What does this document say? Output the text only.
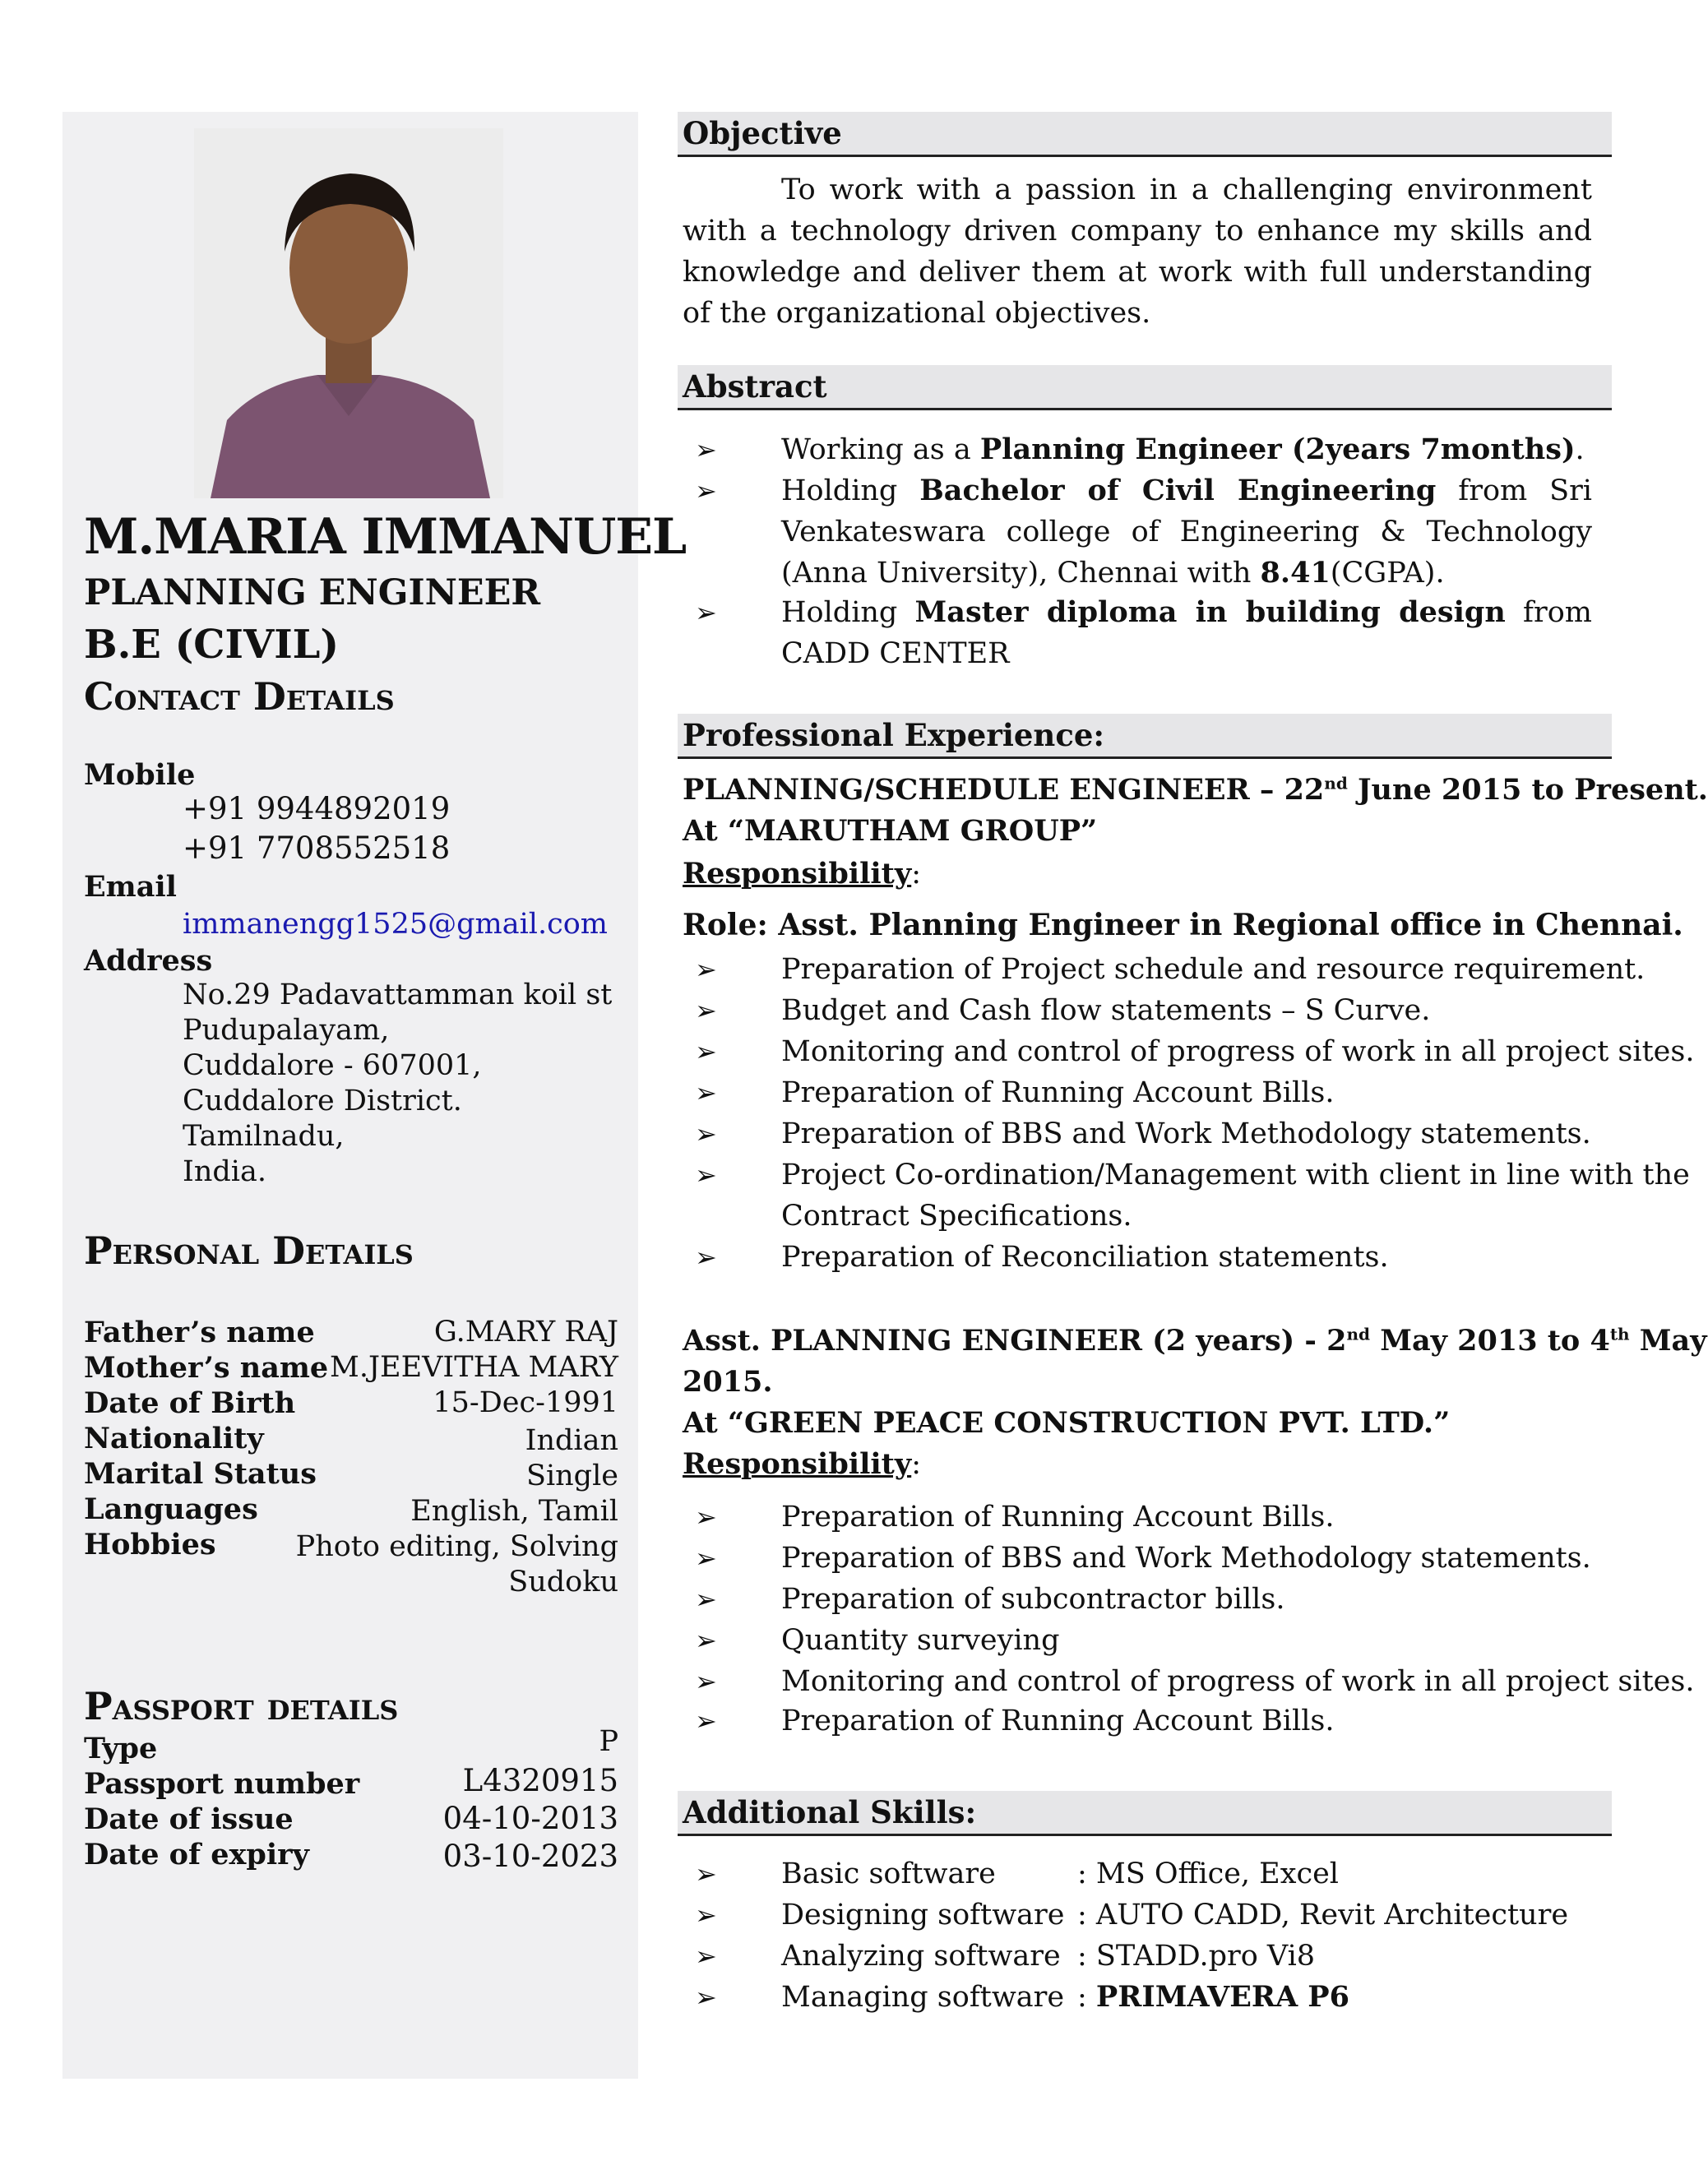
M.MARIA IMMANUEL
PLANNING ENGINEER
B.E (CIVIL)
Contact Details
Mobile
+91 9944892019
+91 7708552518
Email
immanengg1525@gmail.com
Address
No.29 Padavattamman koil st
Pudupalayam,
Cuddalore - 607001,
Cuddalore District.
Tamilnadu,
India.
Personal Details
Father’s name	G.MARY RAJ
Mother’s name M.JEEVITHA MARY
Date of Birth	15-Dec-1991
Nationality	Indian
Marital Status	Single
Languages	English, Tamil
Hobbies	Photo editing, Solving
Sudoku
Passport details
Type	P
Passport number	L4320915
Date of issue	04-10-2013
Date of expiry	03-10-2023
Objective
To work with a passion in a challenging environment with a technology driven company to enhance my skills and knowledge and deliver them at work with full understanding of the organizational objectives.
Abstract
➢ Working as a Planning Engineer (2years 7months).
➢ Holding Bachelor of Civil Engineering from Sri Venkateswara college of Engineering & Technology (Anna University), Chennai with 8.41(CGPA).
➢ Holding Master diploma in building design from CADD CENTER
Professional Experience:
PLANNING/SCHEDULE ENGINEER – 22nd June 2015 to Present.
At “MARUTHAM GROUP”
Responsibility:
Role: Asst. Planning Engineer in Regional office in Chennai.
➢ Preparation of Project schedule and resource requirement.
➢ Budget and Cash flow statements – S Curve.
➢ Monitoring and control of progress of work in all project sites.
➢ Preparation of Running Account Bills.
➢ Preparation of BBS and Work Methodology statements.
➢ Project Co-ordination/Management with client in line with the
Contract Specifications.
➢ Preparation of Reconciliation statements.
Asst. PLANNING ENGINEER (2 years) - 2nd May 2013 to 4th May
2015.
At “GREEN PEACE CONSTRUCTION PVT. LTD.”
Responsibility:
➢ Preparation of Running Account Bills.
➢ Preparation of BBS and Work Methodology statements.
➢ Preparation of subcontractor bills.
➢ Quantity surveying
➢ Monitoring and control of progress of work in all project sites.
➢ Preparation of Running Account Bills.
Additional Skills:
➢ Basic software	: MS Office, Excel
➢ Designing software : AUTO CADD, Revit Architecture
➢ Analyzing software : STADD.pro Vi8
➢ Managing software : PRIMAVERA P6
